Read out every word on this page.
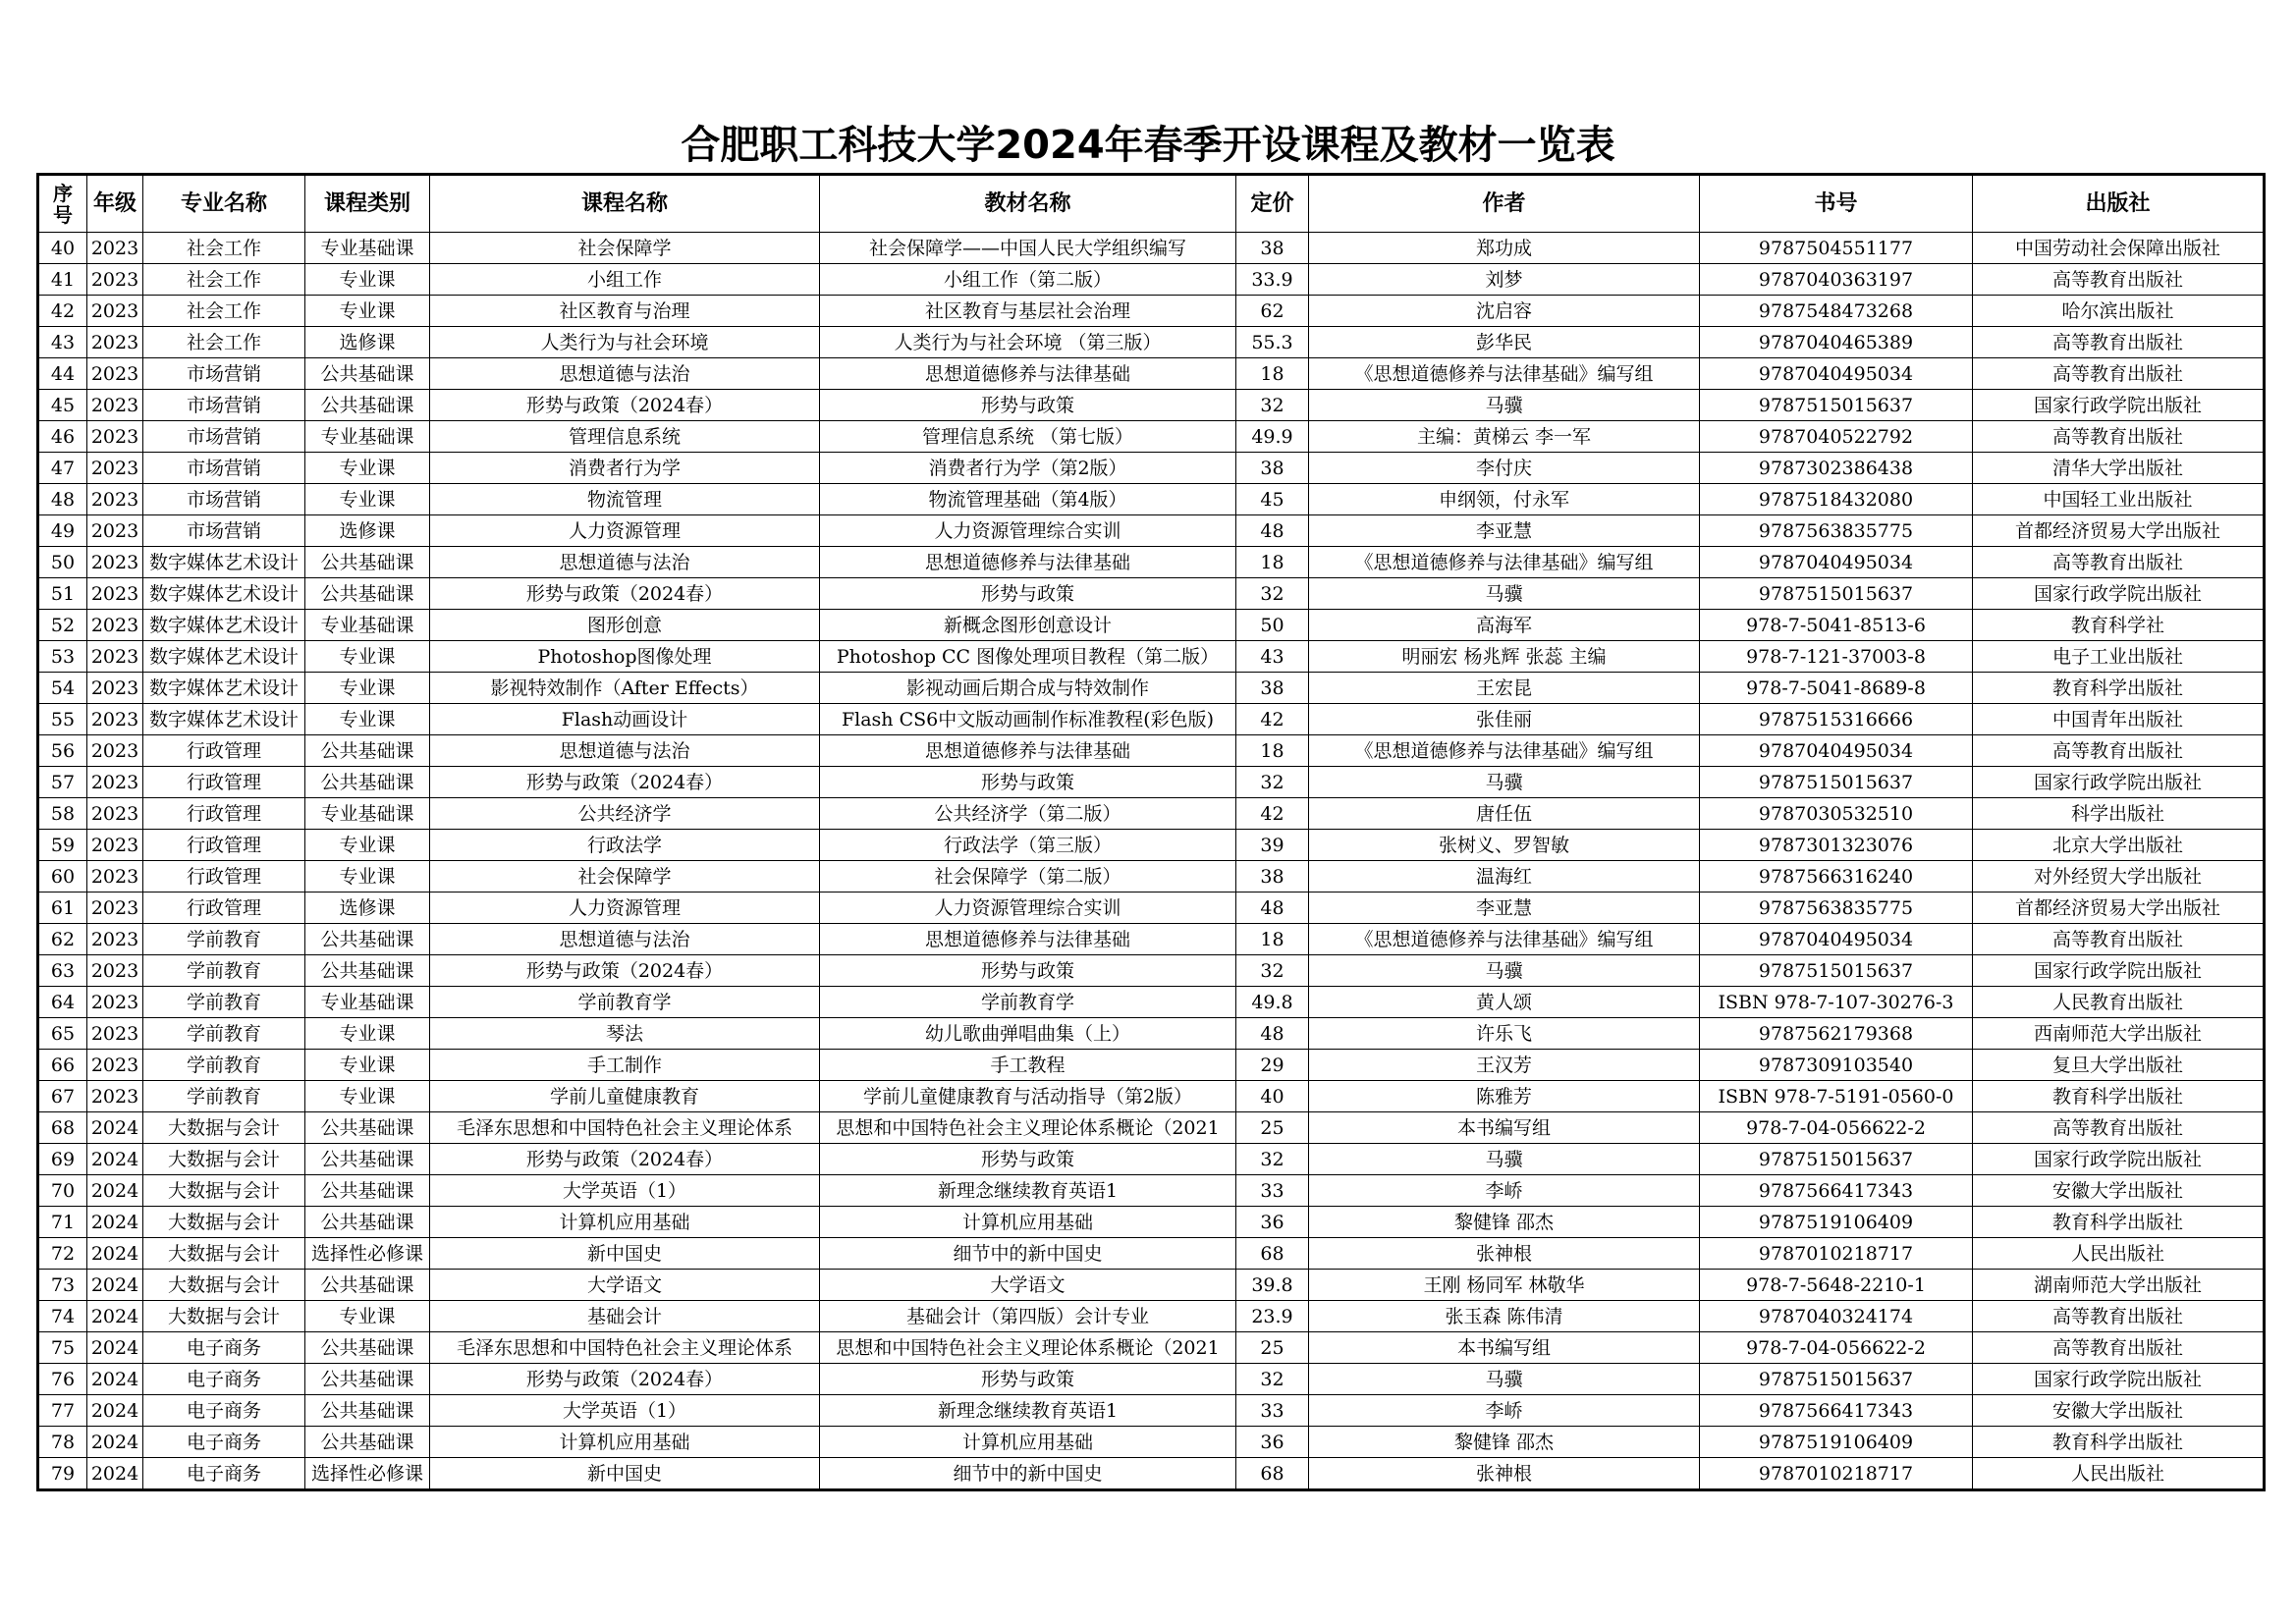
合肥职工科技大学2024年春季开设课程及教材一览表
序号	年级	专业名称	课程类别	课程名称	教材名称	定价	作者	书号	出版社
40	2023	社会工作	专业基础课	社会保障学	社会保障学——中国人民大学组织编写	38	郑功成	9787504551177	中国劳动社会保障出版社
41	2023	社会工作	专业课	小组工作	小组工作（第二版）	33.9	刘梦	9787040363197	高等教育出版社
42	2023	社会工作	专业课	社区教育与治理	社区教育与基层社会治理	62	沈启容	9787548473268	哈尔滨出版社
43	2023	社会工作	选修课	人类行为与社会环境	人类行为与社会环境 （第三版）	55.3	彭华民	9787040465389	高等教育出版社
44	2023	市场营销	公共基础课	思想道德与法治	思想道德修养与法律基础	18	《思想道德修养与法律基础》编写组	9787040495034	高等教育出版社
45	2023	市场营销	公共基础课	形势与政策（2024春）	形势与政策	32	马骥	9787515015637	国家行政学院出版社
46	2023	市场营销	专业基础课	管理信息系统	管理信息系统 （第七版）	49.9	主编：黄梯云 李一军	9787040522792	高等教育出版社
47	2023	市场营销	专业课	消费者行为学	消费者行为学（第2版）	38	李付庆	9787302386438	清华大学出版社
48	2023	市场营销	专业课	物流管理	物流管理基础（第4版）	45	申纲领，付永军	9787518432080	中国轻工业出版社
49	2023	市场营销	选修课	人力资源管理	人力资源管理综合实训	48	李亚慧	9787563835775	首都经济贸易大学出版社
50	2023	数字媒体艺术设计	公共基础课	思想道德与法治	思想道德修养与法律基础	18	《思想道德修养与法律基础》编写组	9787040495034	高等教育出版社
51	2023	数字媒体艺术设计	公共基础课	形势与政策（2024春）	形势与政策	32	马骥	9787515015637	国家行政学院出版社
52	2023	数字媒体艺术设计	专业基础课	图形创意	新概念图形创意设计	50	高海军	978-7-5041-8513-6	教育科学社
53	2023	数字媒体艺术设计	专业课	Photoshop图像处理	Photoshop CC 图像处理项目教程（第二版）	43	明丽宏 杨兆辉 张蕊 主编	978-7-121-37003-8	电子工业出版社
54	2023	数字媒体艺术设计	专业课	影视特效制作（After Effects）	影视动画后期合成与特效制作	38	王宏昆	978-7-5041-8689-8	教育科学出版社
55	2023	数字媒体艺术设计	专业课	Flash动画设计	Flash CS6中文版动画制作标准教程(彩色版)	42	张佳丽	9787515316666	中国青年出版社
56	2023	行政管理	公共基础课	思想道德与法治	思想道德修养与法律基础	18	《思想道德修养与法律基础》编写组	9787040495034	高等教育出版社
57	2023	行政管理	公共基础课	形势与政策（2024春）	形势与政策	32	马骥	9787515015637	国家行政学院出版社
58	2023	行政管理	专业基础课	公共经济学	公共经济学（第二版）	42	唐任伍	9787030532510	科学出版社
59	2023	行政管理	专业课	行政法学	行政法学（第三版）	39	张树义、罗智敏	9787301323076	北京大学出版社
60	2023	行政管理	专业课	社会保障学	社会保障学（第二版）	38	温海红	9787566316240	对外经贸大学出版社
61	2023	行政管理	选修课	人力资源管理	人力资源管理综合实训	48	李亚慧	9787563835775	首都经济贸易大学出版社
62	2023	学前教育	公共基础课	思想道德与法治	思想道德修养与法律基础	18	《思想道德修养与法律基础》编写组	9787040495034	高等教育出版社
63	2023	学前教育	公共基础课	形势与政策（2024春）	形势与政策	32	马骥	9787515015637	国家行政学院出版社
64	2023	学前教育	专业基础课	学前教育学	学前教育学	49.8	黄人颂	ISBN 978-7-107-30276-3	人民教育出版社
65	2023	学前教育	专业课	琴法	幼儿歌曲弹唱曲集（上）	48	许乐飞	9787562179368	西南师范大学出版社
66	2023	学前教育	专业课	手工制作	手工教程	29	王汉芳	9787309103540	复旦大学出版社
67	2023	学前教育	专业课	学前儿童健康教育	学前儿童健康教育与活动指导（第2版）	40	陈雅芳	ISBN 978-7-5191-0560-0	教育科学出版社
68	2024	大数据与会计	公共基础课	毛泽东思想和中国特色社会主义理论体系	思想和中国特色社会主义理论体系概论（2021	25	本书编写组	978-7-04-056622-2	高等教育出版社
69	2024	大数据与会计	公共基础课	形势与政策（2024春）	形势与政策	32	马骥	9787515015637	国家行政学院出版社
70	2024	大数据与会计	公共基础课	大学英语（1）	新理念继续教育英语1	33	李峤	9787566417343	安徽大学出版社
71	2024	大数据与会计	公共基础课	计算机应用基础	计算机应用基础	36	黎健锋 邵杰	9787519106409	教育科学出版社
72	2024	大数据与会计	选择性必修课	新中国史	细节中的新中国史	68	张神根	9787010218717	人民出版社
73	2024	大数据与会计	公共基础课	大学语文	大学语文	39.8	王刚 杨同军 林敬华	978-7-5648-2210-1	湖南师范大学出版社
74	2024	大数据与会计	专业课	基础会计	基础会计（第四版）会计专业	23.9	张玉森 陈伟清	9787040324174	高等教育出版社
75	2024	电子商务	公共基础课	毛泽东思想和中国特色社会主义理论体系	思想和中国特色社会主义理论体系概论（2021	25	本书编写组	978-7-04-056622-2	高等教育出版社
76	2024	电子商务	公共基础课	形势与政策（2024春）	形势与政策	32	马骥	9787515015637	国家行政学院出版社
77	2024	电子商务	公共基础课	大学英语（1）	新理念继续教育英语1	33	李峤	9787566417343	安徽大学出版社
78	2024	电子商务	公共基础课	计算机应用基础	计算机应用基础	36	黎健锋 邵杰	9787519106409	教育科学出版社
79	2024	电子商务	选择性必修课	新中国史	细节中的新中国史	68	张神根	9787010218717	人民出版社
